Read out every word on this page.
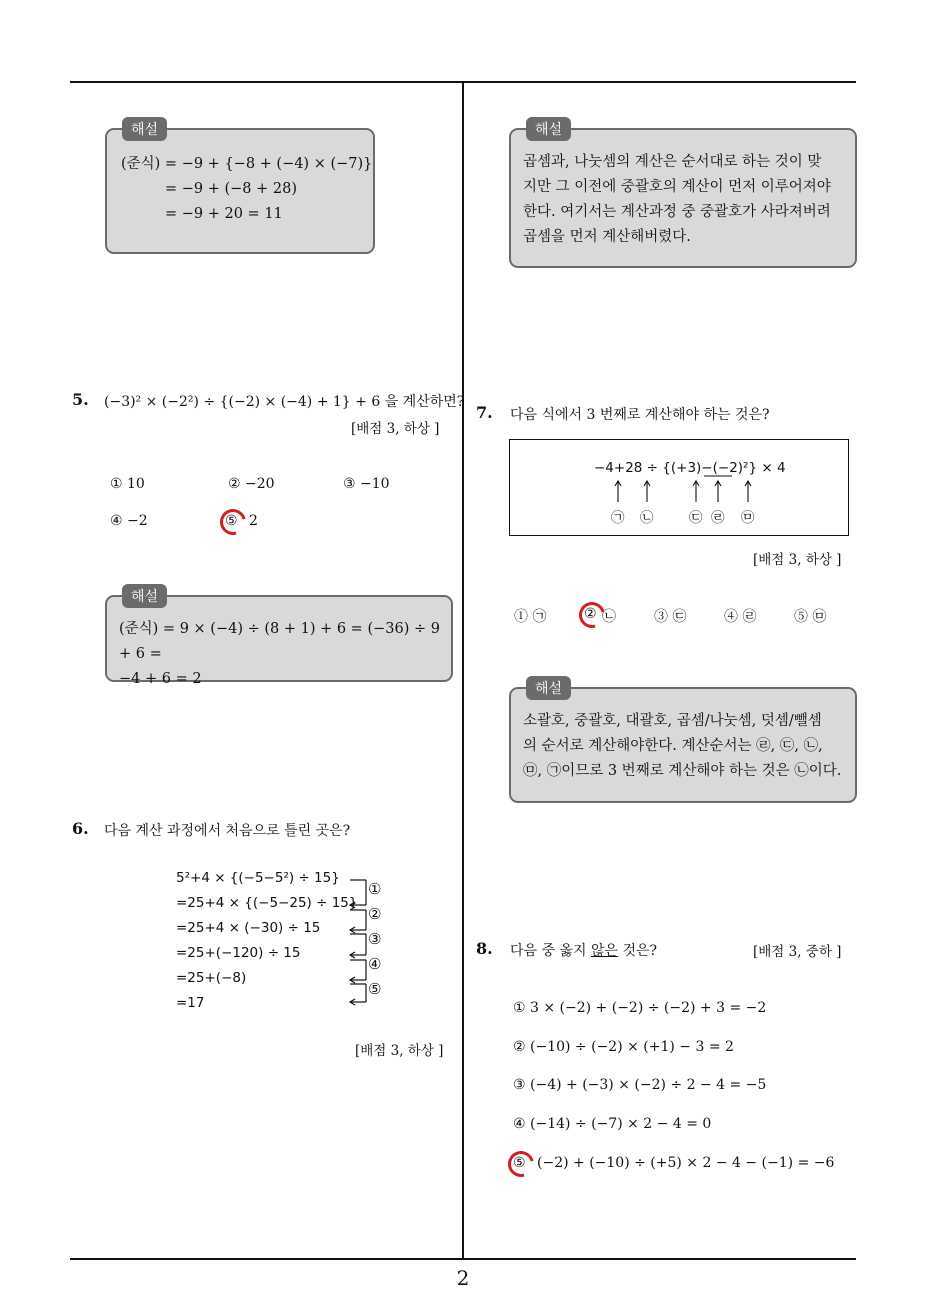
해설
(준식) = −9 + {−8 + (−4) × (−7)}
= −9 + (−8 + 28)
= −9 + 20 = 11
5. (−3)² × (−2²) ÷ {(−2) × (−4) + 1} + 6 을 계산하면?
[배점 3, 하상 ]
① 10	② −20	③ −10
④ −2	⑤ 2
해설
(준식) = 9 × (−4) ÷ (8 + 1) + 6 = (−36) ÷ 9 + 6 =
−4 + 6 = 2
6. 다음 계산 과정에서 처음으로 틀린 곳은?
5²+4 × {(−5−5²) ÷ 15}
=25+4 × {(−5−25) ÷ 15}
=25+4 × (−30) ÷ 15
=25+(−120) ÷ 15
=25+(−8)
=17
①
②
③
④
⑤
[배점 3, 하상 ]
해설
곱셈과, 나눗셈의 계산은 순서대로 하는 것이 맞
지만 그 이전에 중괄호의 계산이 먼저 이루어져야
한다. 여기서는 계산과정 중 중괄호가 사라져버려
곱셈을 먼저 계산해버렸다.
7. 다음 식에서 3 번째로 계산해야 하는 것은?
−4+28 ÷ {(+3)−(−2)²} × 4
㉠ ㉡	㉢ ㉣ ㉤
[배점 3, 하상 ]
① ㉠	② ㉡	③ ㉢	④ ㉣	⑤ ㉤
해설
소괄호, 중괄호, 대괄호, 곱셈/나눗셈, 덧셈/뺄셈
의 순서로 계산해야한다. 계산순서는 ㉣, ㉢, ㉡,
㉤, ㉠이므로 3 번째로 계산해야 하는 것은 ㉡이다.
8. 다음 중 옳지 않은 것은?	[배점 3, 중하 ]
① 3 × (−2) + (−2) ÷ (−2) + 3 = −2
② (−10) ÷ (−2) × (+1) − 3 = 2
③ (−4) + (−3) × (−2) ÷ 2 − 4 = −5
④ (−14) ÷ (−7) × 2 − 4 = 0
⑤ (−2) + (−10) ÷ (+5) × 2 − 4 − (−1) = −6
2
